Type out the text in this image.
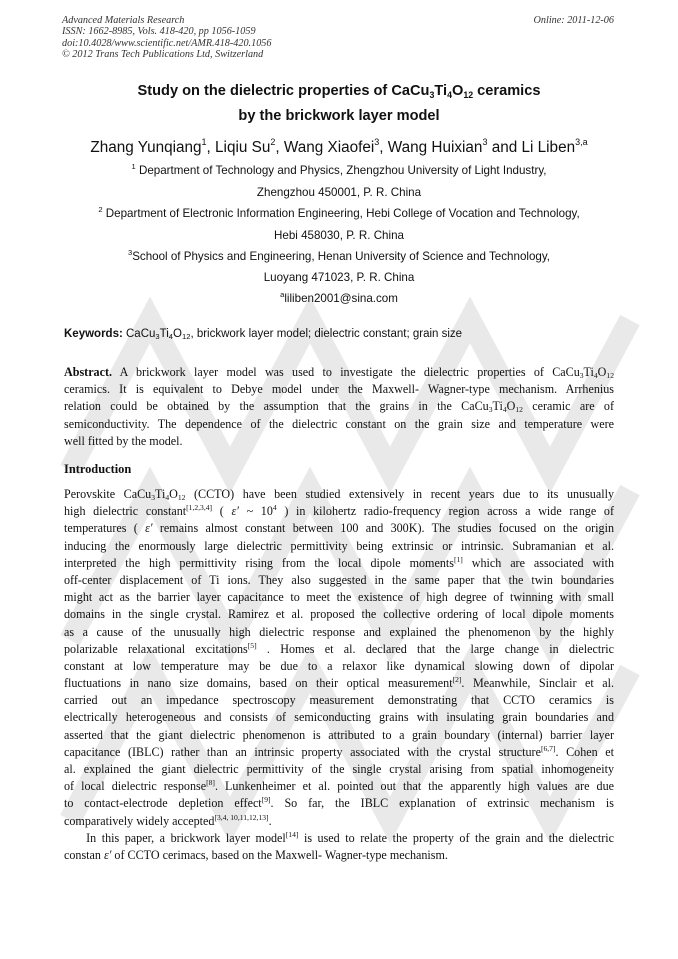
Advanced Materials Research
ISSN: 1662-8985, Vols. 418-420, pp 1056-1059
doi:10.4028/www.scientific.net/AMR.418-420.1056
© 2012 Trans Tech Publications Ltd, Switzerland
Online: 2011-12-06
Study on the dielectric properties of $CaCu_3Ti_4O_{12}$ ceramics
by the brickwork layer model
Zhang Yunqiang$^1$, Liqiu Su$^2$, Wang Xiaofei$^3$, Wang Huixian$^3$ and Li Liben$^{3,a}$
$^1$ Department of Technology and Physics, Zhengzhou University of Light Industry,
Zhengzhou 450001, P. R. China
$^2$ Department of Electronic Information Engineering, Hebi College of Vocation and Technology,
Hebi 458030, P. R. China
$^3$School of Physics and Engineering, Henan University of Science and Technology,
Luoyang 471023, P. R. China
$^a$liliben2001@sina.com
Keywords: $CaCu_3Ti_4O_{12}$, brickwork layer model; dielectric constant; grain size
Abstract. A brickwork layer model was used to investigate the dielectric properties of CaCu3Ti4O12
ceramics. It is equivalent to Debye model under the Maxwell- Wagner-type mechanism. Arrhenius
relation could be obtained by the assumption that the grains in the CaCu3Ti4O12 ceramic are of
semiconductivity. The dependence of the dielectric constant on the grain size and temperature were
well fitted by the model.
Introduction
Perovskite CaCu3Ti4O12 (CCTO) have been studied extensively in recent years due to its unusually
high dielectric constant[1,2,3,4] ( ε′ ~ $10^4$ ) in kilohertz radio-frequency region across a wide range of
temperatures ( ε′ remains almost constant between 100 and 300K). The studies focused on the origin
inducing the enormously large dielectric permittivity being extrinsic or intrinsic. Subramanian et al.
interpreted the high permittivity rising from the local dipole moments[1] which are associated with
off-center displacement of Ti ions. They also suggested in the same paper that the twin boundaries
might act as the barrier layer capacitance to meet the existence of high degree of twinning with small
domains in the single crystal. Ramirez et al. proposed the collective ordering of local dipole moments
as a cause of the unusually high dielectric response and explained the phenomenon by the highly
polarizable relaxational excitations[5] . Homes et al. declared that the large change in dielectric
constant at low temperature may be due to a relaxor like dynamical slowing down of dipolar
fluctuations in nano size domains, based on their optical measurement[2]. Meanwhile, Sinclair et al.
carried out an impedance spectroscopy measurement demonstrating that CCTO ceramics is
electrically heterogeneous and consists of semiconducting grains with insulating grain boundaries and
asserted that the giant dielectric phenomenon is attributed to a grain boundary (internal) barrier layer
capacitance (IBLC) rather than an intrinsic property associated with the crystal structure[6,7]. Cohen et
al. explained the giant dielectric permittivity of the single crystal arising from spatial inhomogeneity
of local dielectric response[8]. Lunkenheimer et al. pointed out that the apparently high values are due
to contact-electrode depletion effect[9]. So far, the IBLC explanation of extrinsic mechanism is
comparatively widely accepted[3,4, 10,11,12,13].
In this paper, a brickwork layer model[14] is used to relate the property of the grain and the dielectric
constan ε′ of CCTO cerimacs, based on the Maxwell- Wagner-type mechanism.
